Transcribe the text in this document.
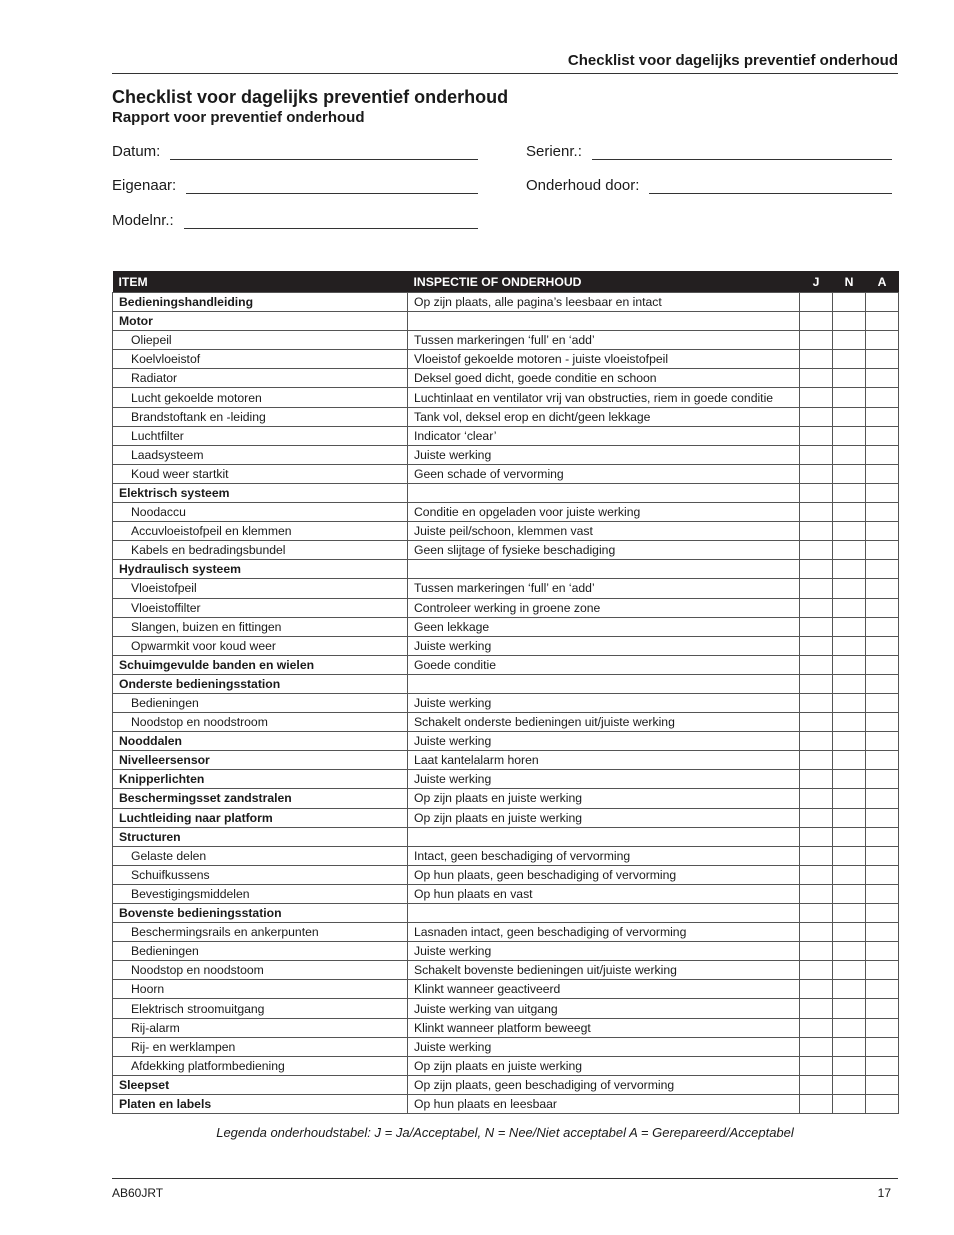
Checklist voor dagelijks preventief onderhoud
Checklist voor dagelijks preventief onderhoud
Rapport voor preventief onderhoud
Datum:	Serienr.:
Eigenaar:	Onderhoud door:
Modelnr.:
ITEM	INSPECTIE OF ONDERHOUD	J	N	A
Bedieningshandleiding	Op zijn plaats, alle pagina’s leesbaar en intact			
Motor				
Oliepeil	Tussen markeringen ‘full’ en ‘add’			
Koelvloeistof	Vloeistof gekoelde motoren - juiste vloeistofpeil			
Radiator	Deksel goed dicht, goede conditie en schoon			
Lucht gekoelde motoren	Luchtinlaat en ventilator vrij van obstructies, riem in goede conditie			
Brandstoftank en -leiding	Tank vol, deksel erop en dicht/geen lekkage			
Luchtfilter	Indicator ‘clear’			
Laadsysteem	Juiste werking			
Koud weer startkit	Geen schade of vervorming			
Elektrisch systeem				
Noodaccu	Conditie en opgeladen voor juiste werking			
Accuvloeistofpeil en klemmen	Juiste peil/schoon, klemmen vast			
Kabels en bedradingsbundel	Geen slijtage of fysieke beschadiging			
Hydraulisch systeem				
Vloeistofpeil	Tussen markeringen ‘full’ en ‘add’			
Vloeistoffilter	Controleer werking in groene zone			
Slangen, buizen en fittingen	Geen lekkage			
Opwarmkit voor koud weer	Juiste werking			
Schuimgevulde banden en wielen	Goede conditie			
Onderste bedieningsstation				
Bedieningen	Juiste werking			
Noodstop en noodstroom	Schakelt onderste bedieningen uit/juiste werking			
Nooddalen	Juiste werking			
Nivelleersensor	Laat kantelalarm horen			
Knipperlichten	Juiste werking			
Beschermingsset zandstralen	Op zijn plaats en juiste werking			
Luchtleiding naar platform	Op zijn plaats en juiste werking			
Structuren				
Gelaste delen	Intact, geen beschadiging of vervorming			
Schuifkussens	Op hun plaats, geen beschadiging of vervorming			
Bevestigingsmiddelen	Op hun plaats en vast			
Bovenste bedieningsstation				
Beschermingsrails en ankerpunten	Lasnaden intact, geen beschadiging of vervorming			
Bedieningen	Juiste werking			
Noodstop en noodstoom	Schakelt bovenste bedieningen uit/juiste werking			
Hoorn	Klinkt wanneer geactiveerd			
Elektrisch stroomuitgang	Juiste werking van uitgang			
Rij-alarm	Klinkt wanneer platform beweegt			
Rij- en werklampen	Juiste werking			
Afdekking platformbediening	Op zijn plaats en juiste werking			
Sleepset	Op zijn plaats, geen beschadiging of vervorming			
Platen en labels	Op hun plaats en leesbaar			
Legenda onderhoudstabel: J = Ja/Acceptabel, N = Nee/Niet acceptabel A = Gerepareerd/Acceptabel
AB60JRT	17
